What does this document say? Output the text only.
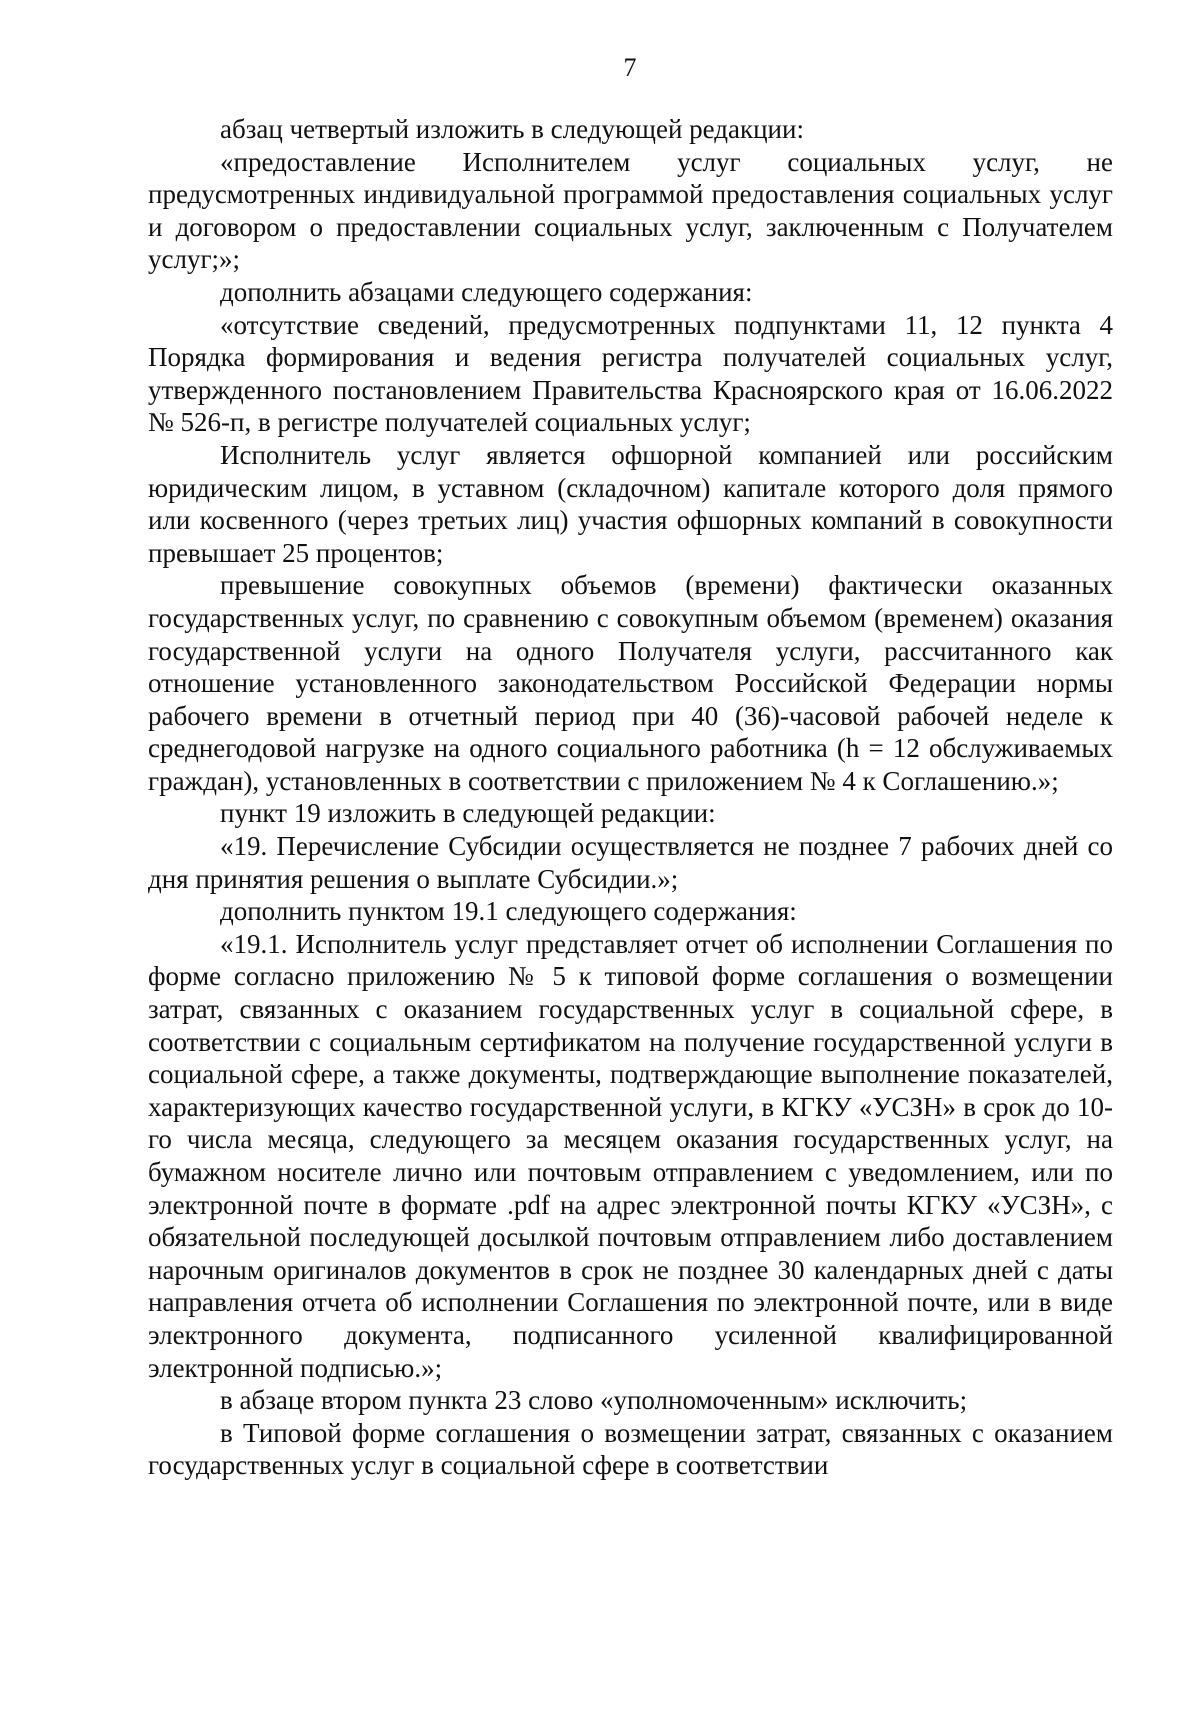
7

абзац четвертый изложить в следующей редакции:

«предоставление Исполнителем услуг социальных услуг, не предусмотренных индивидуальной программой предоставления социальных услуг и договором о предоставлении социальных услуг, заключенным с Получателем услуг;»;

дополнить абзацами следующего содержания:

«отсутствие сведений, предусмотренных подпунктами 11, 12 пункта 4 Порядка формирования и ведения регистра получателей социальных услуг, утвержденного постановлением Правительства Красноярского края от 16.06.2022 № 526-п, в регистре получателей социальных услуг;

Исполнитель услуг является офшорной компанией или российским юридическим лицом, в уставном (складочном) капитале которого доля прямого или косвенного (через третьих лиц) участия офшорных компаний в совокупности превышает 25 процентов;

превышение совокупных объемов (времени) фактически оказанных государственных услуг, по сравнению с совокупным объемом (временем) оказания государственной услуги на одного Получателя услуги, рассчитанного как отношение установленного законодательством Российской Федерации нормы рабочего времени в отчетный период при 40 (36)-часовой рабочей неделе к среднегодовой нагрузке на одного социального работника (h = 12 обслуживаемых граждан), установленных в соответствии с приложением № 4 к Соглашению.»;

пункт 19 изложить в следующей редакции:

«19. Перечисление Субсидии осуществляется не позднее 7 рабочих дней со дня принятия решения о выплате Субсидии.»;

дополнить пунктом 19.1 следующего содержания:

«19.1. Исполнитель услуг представляет отчет об исполнении Соглашения по форме согласно приложению № 5 к типовой форме соглашения о возмещении затрат, связанных с оказанием государственных услуг в социальной сфере, в соответствии с социальным сертификатом на получение государственной услуги в социальной сфере, а также документы, подтверждающие выполнение показателей, характеризующих качество государственной услуги, в КГКУ «УСЗН» в срок до 10-го числа месяца, следующего за месяцем оказания государственных услуг, на бумажном носителе лично или почтовым отправлением с уведомлением, или по электронной почте в формате .pdf на адрес электронной почты КГКУ «УСЗН», с обязательной последующей досылкой почтовым отправлением либо доставлением нарочным оригиналов документов в срок не позднее 30 календарных дней с даты направления отчета об исполнении Соглашения по электронной почте, или в виде электронного документа, подписанного усиленной квалифицированной электронной подписью.»;

в абзаце втором пункта 23 слово «уполномоченным» исключить;

в Типовой форме соглашения о возмещении затрат, связанных с оказанием государственных услуг в социальной сфере в соответствии
